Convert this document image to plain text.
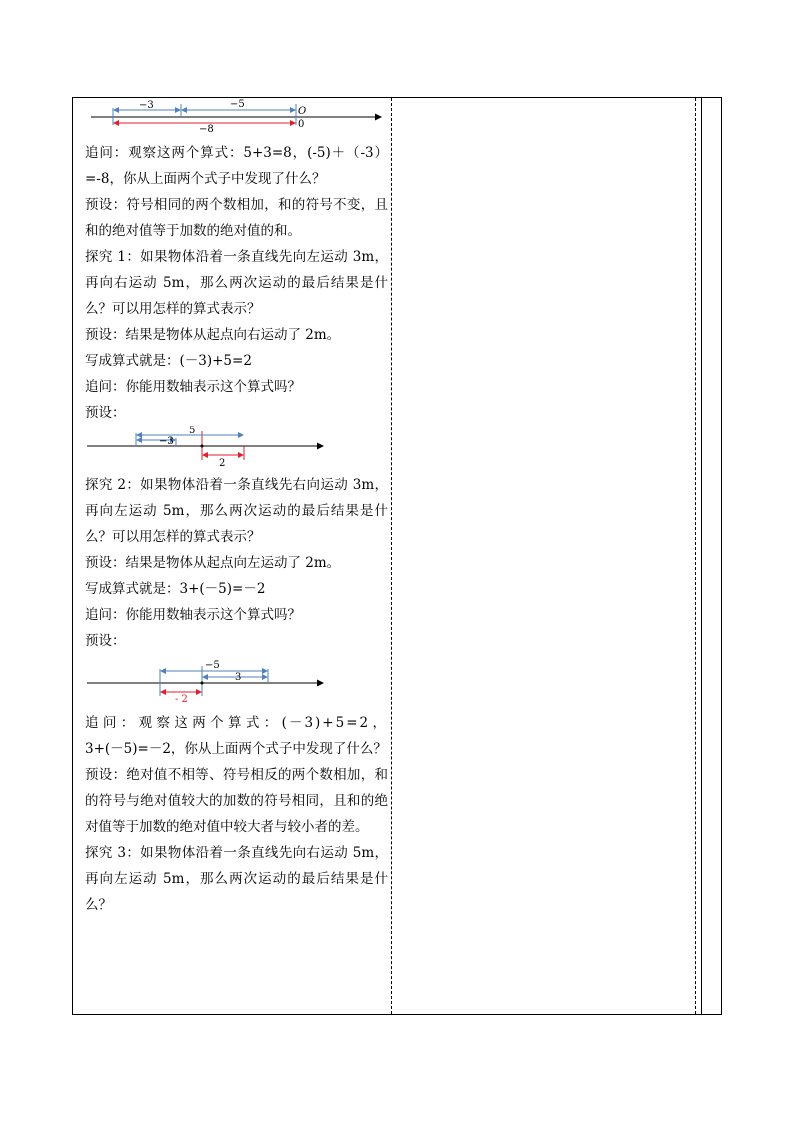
−3	−5
−8
O
0

追问：观察这两个算式：5+3=8，(-5)＋（-3）=-8，你从上面两个式子中发现了什么？

预设：符号相同的两个数相加，和的符号不变，且和的绝对值等于加数的绝对值的和。

探究 1：如果物体沿着一条直线先向左运动 3m，再向右运动 5m，那么两次运动的最后结果是什么？可以用怎样的算式表示？

预设：结果是物体从起点向右运动了 2m。

写成算式就是：(－3)+5=2

追问：你能用数轴表示这个算式吗？

预设：

5
−3
2

探究 2：如果物体沿着一条直线先右向运动 3m，再向左运动 5m，那么两次运动的最后结果是什么？可以用怎样的算式表示？

预设：结果是物体从起点向左运动了 2m。

写成算式就是：3+(－5)=－2

追问：你能用数轴表示这个算式吗？

预设：

−5
3
- 2

追问：观察这两个算式：(－3)+5=2，

3+(－5)=－2，你从上面两个式子中发现了什么？

预设：绝对值不相等、符号相反的两个数相加，和的符号与绝对值较大的加数的符号相同，且和的绝对值等于加数的绝对值中较大者与较小者的差。

探究 3：如果物体沿着一条直线先向右运动 5m，再向左运动 5m，那么两次运动的最后结果是什么？
